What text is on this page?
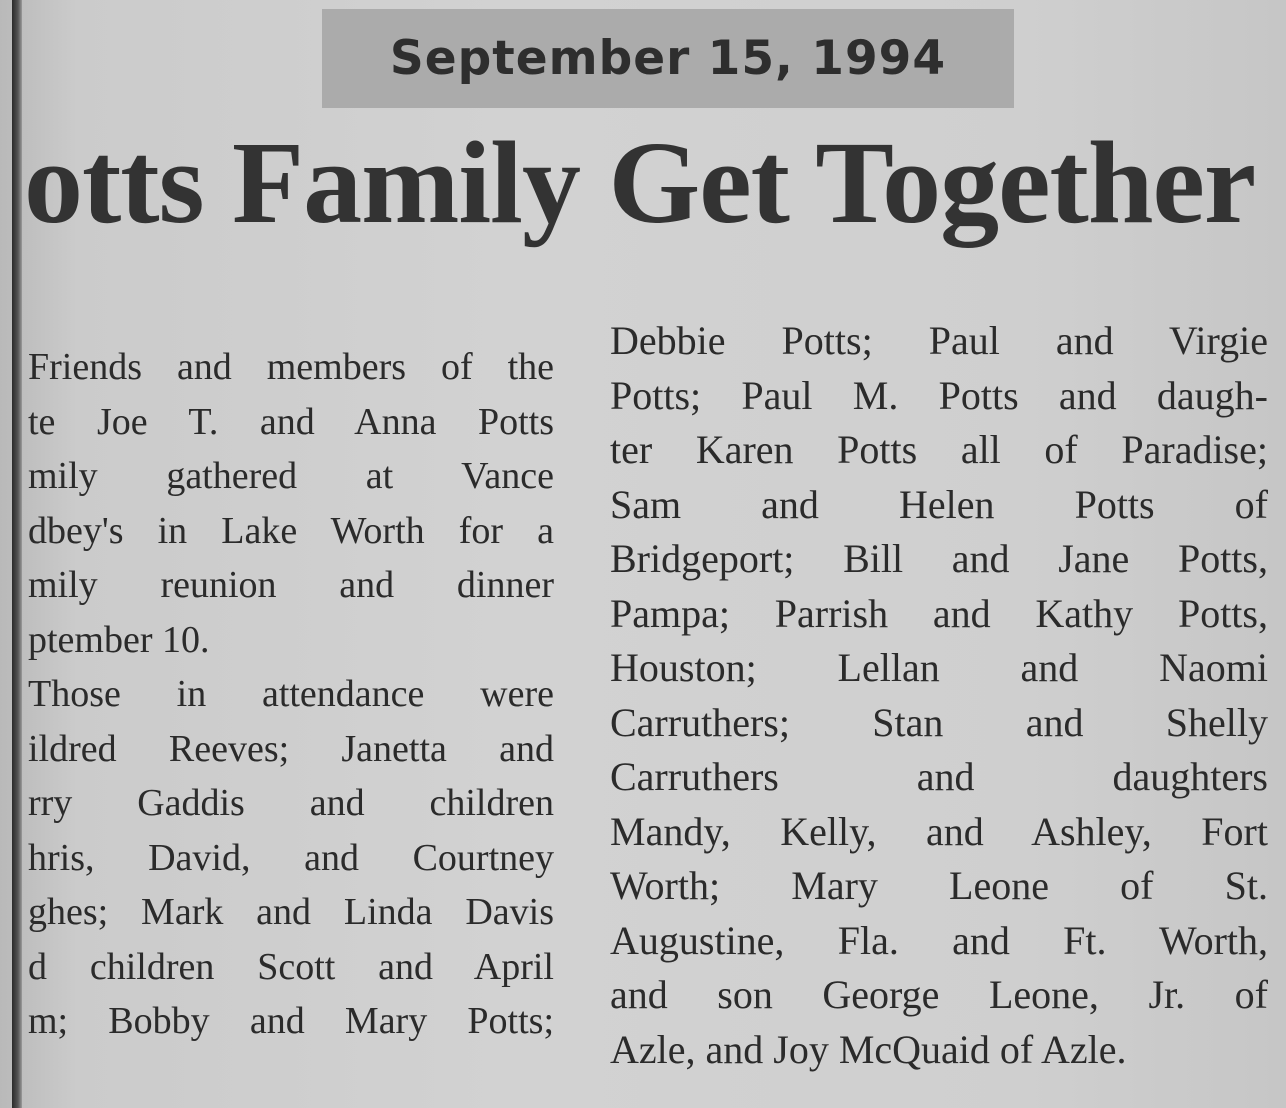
September 15, 1994
otts Family Get Together
Friends and members of the
te Joe T. and Anna Potts
mily gathered at Vance
dbey's in Lake Worth for a
mily reunion and dinner
ptember 10.
Those in attendance were
ildred Reeves; Janetta and
rry Gaddis and children
hris, David, and Courtney
ghes; Mark and Linda Davis
d children Scott and April
m; Bobby and Mary Potts;
Debbie Potts; Paul and Virgie
Potts; Paul M. Potts and daugh-
ter Karen Potts all of Paradise;
Sam and Helen Potts of
Bridgeport; Bill and Jane Potts,
Pampa; Parrish and Kathy Potts,
Houston; Lellan and Naomi
Carruthers; Stan and Shelly
Carruthers and daughters
Mandy, Kelly, and Ashley, Fort
Worth; Mary Leone of St.
Augustine, Fla. and Ft. Worth,
and son George Leone, Jr. of
Azle, and Joy McQuaid of Azle.
